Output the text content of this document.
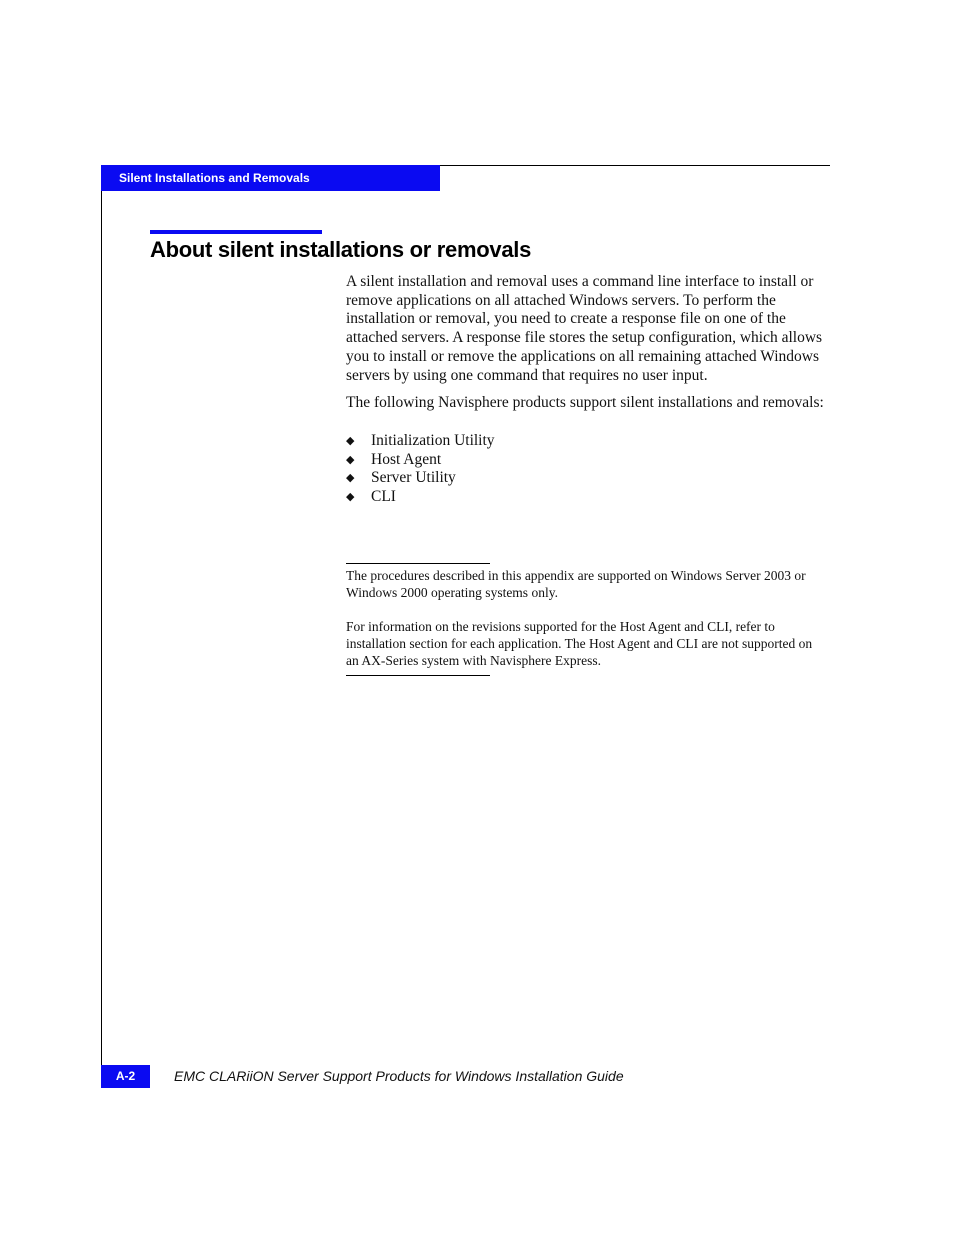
Silent Installations and Removals
About silent installations or removals

A silent installation and removal uses a command line interface to install or remove applications on all attached Windows servers. To perform the installation or removal, you need to create a response file on one of the attached servers. A response file stores the setup configuration, which allows you to install or remove the applications on all remaining attached Windows servers by using one command that requires no user input.

The following Navisphere products support silent installations and removals:

◆ Initialization Utility
◆ Host Agent
◆ Server Utility
◆ CLI

The procedures described in this appendix are supported on Windows Server 2003 or Windows 2000 operating systems only.

For information on the revisions supported for the Host Agent and CLI, refer to installation section for each application. The Host Agent and CLI are not supported on an AX-Series system with Navisphere Express.

A-2	EMC CLARiiON Server Support Products for Windows Installation Guide
